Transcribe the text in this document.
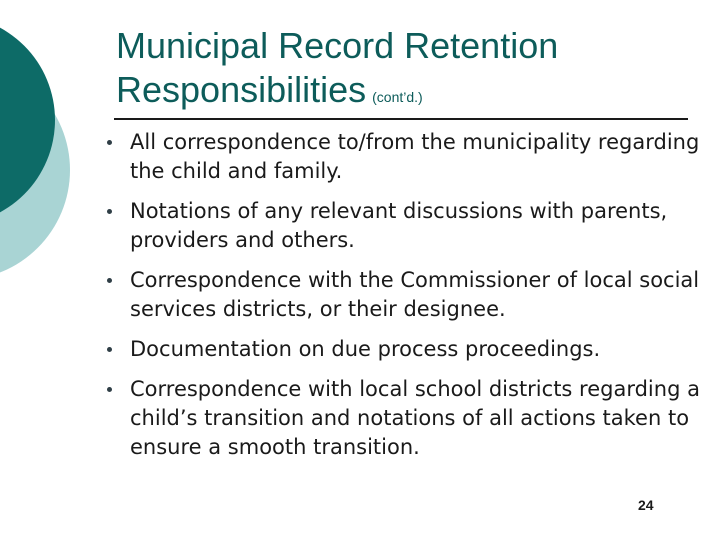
Municipal Record Retention
Responsibilities (cont’d.)
All correspondence to/from the municipality regarding the child and family.
Notations of any relevant discussions with parents, providers and others.
Correspondence with the Commissioner of local social services districts, or their designee.
Documentation on due process proceedings.
Correspondence with local school districts regarding a child’s transition and notations of all actions taken to ensure a smooth transition.
24
